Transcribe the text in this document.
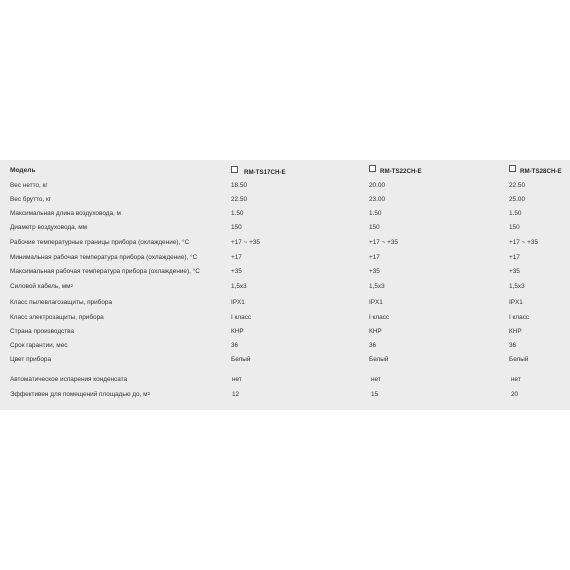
Модель	RM-TS17CH-E	RM-TS22CH-E	RM-TS28CH-E
Вес нетто, кг	18.50	20.00	22.50
Вес брутто, кг	22.50	23.00	25.00
Максимальная длина воздуховода, м	1.50	1.50	1.50
Диаметр воздуховода, мм	150	150	150
Рабочие температурные границы прибора (охлаждение), °С	+17 ~ +35	+17 ~ +35	+17 ~ +35
Минимальная рабочая температура прибора (охлаждение), °С	+17	+17	+17
Максимальная рабочая температура прибора (охлаждение), °С	+35	+35	+35
Силовой кабель, $мм^2$	1,5x3	1,5x3	1,5x3
Класс пылевлагозащиты, прибора	IPX1	IPX1	IPX1
Класс электрозащиты, прибора	I класс	I класс	I класс
Страна производства	КНР	КНР	КНР
Срок гарантии, мес	36	36	36
Цвет прибора	Белый	Белый	Белый
Автоматическое испарения конденсата	нет	нет	нет
Эффективен для помещений площадью до, $м^2$	12	15	20
